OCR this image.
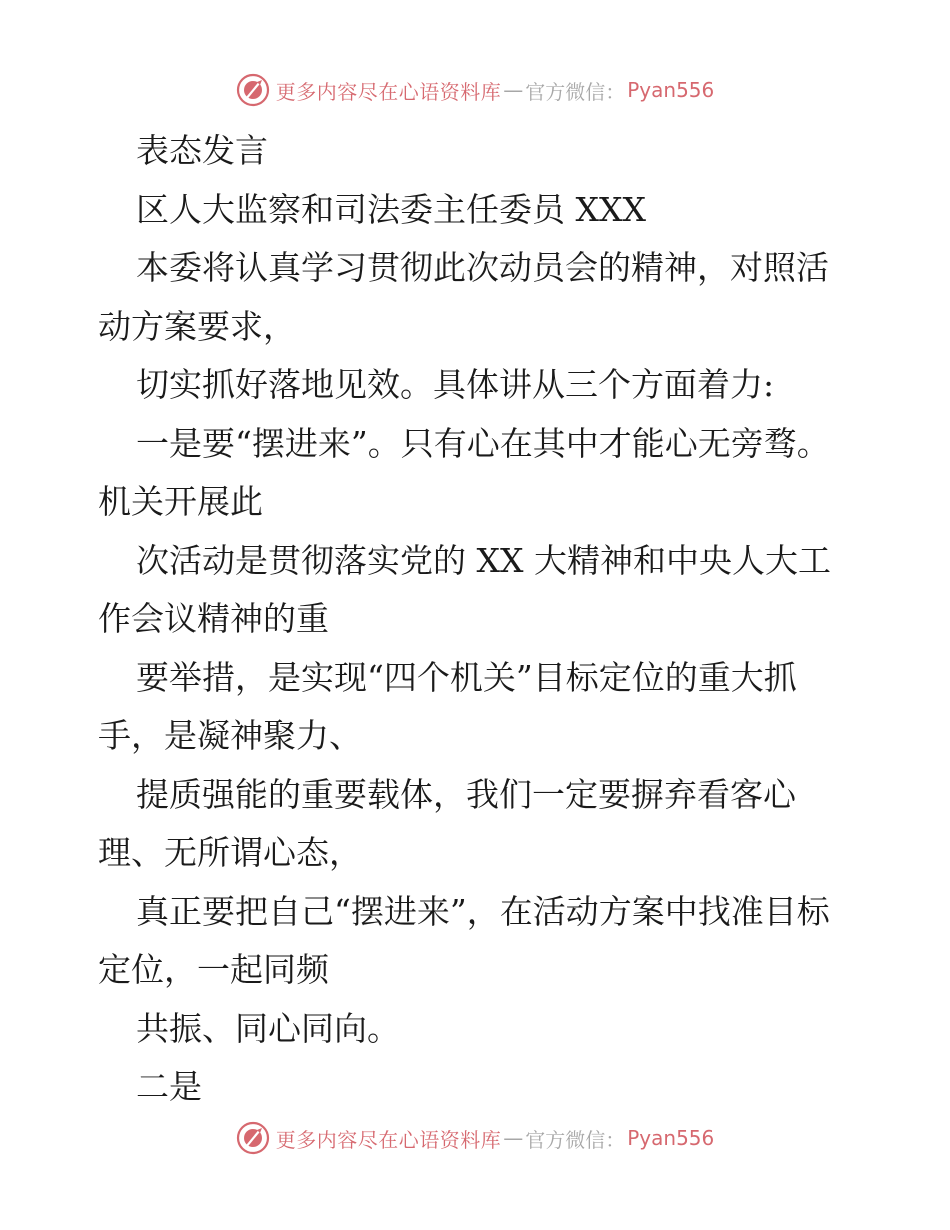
更多内容尽在心语资料库 — 官方微信： Pyan556

表态发言

区人大监察和司法委主任委员 XXX

本委将认真学习贯彻此次动员会的精神，对照活动方案要求，

切实抓好落地见效。具体讲从三个方面着力:

一是要“摆进来”。只有心在其中才能心无旁骛。机关开展此

次活动是贯彻落实党的 XX 大精神和中央人大工作会议精神的重

要举措，是实现“四个机关”目标定位的重大抓手，是凝神聚力、

提质强能的重要载体，我们一定要摒弃看客心理、无所谓心态，

真正要把自己“摆进来”，在活动方案中找准目标定位，一起同频

共振、同心同向。

二是

更多内容尽在心语资料库 — 官方微信： Pyan556
